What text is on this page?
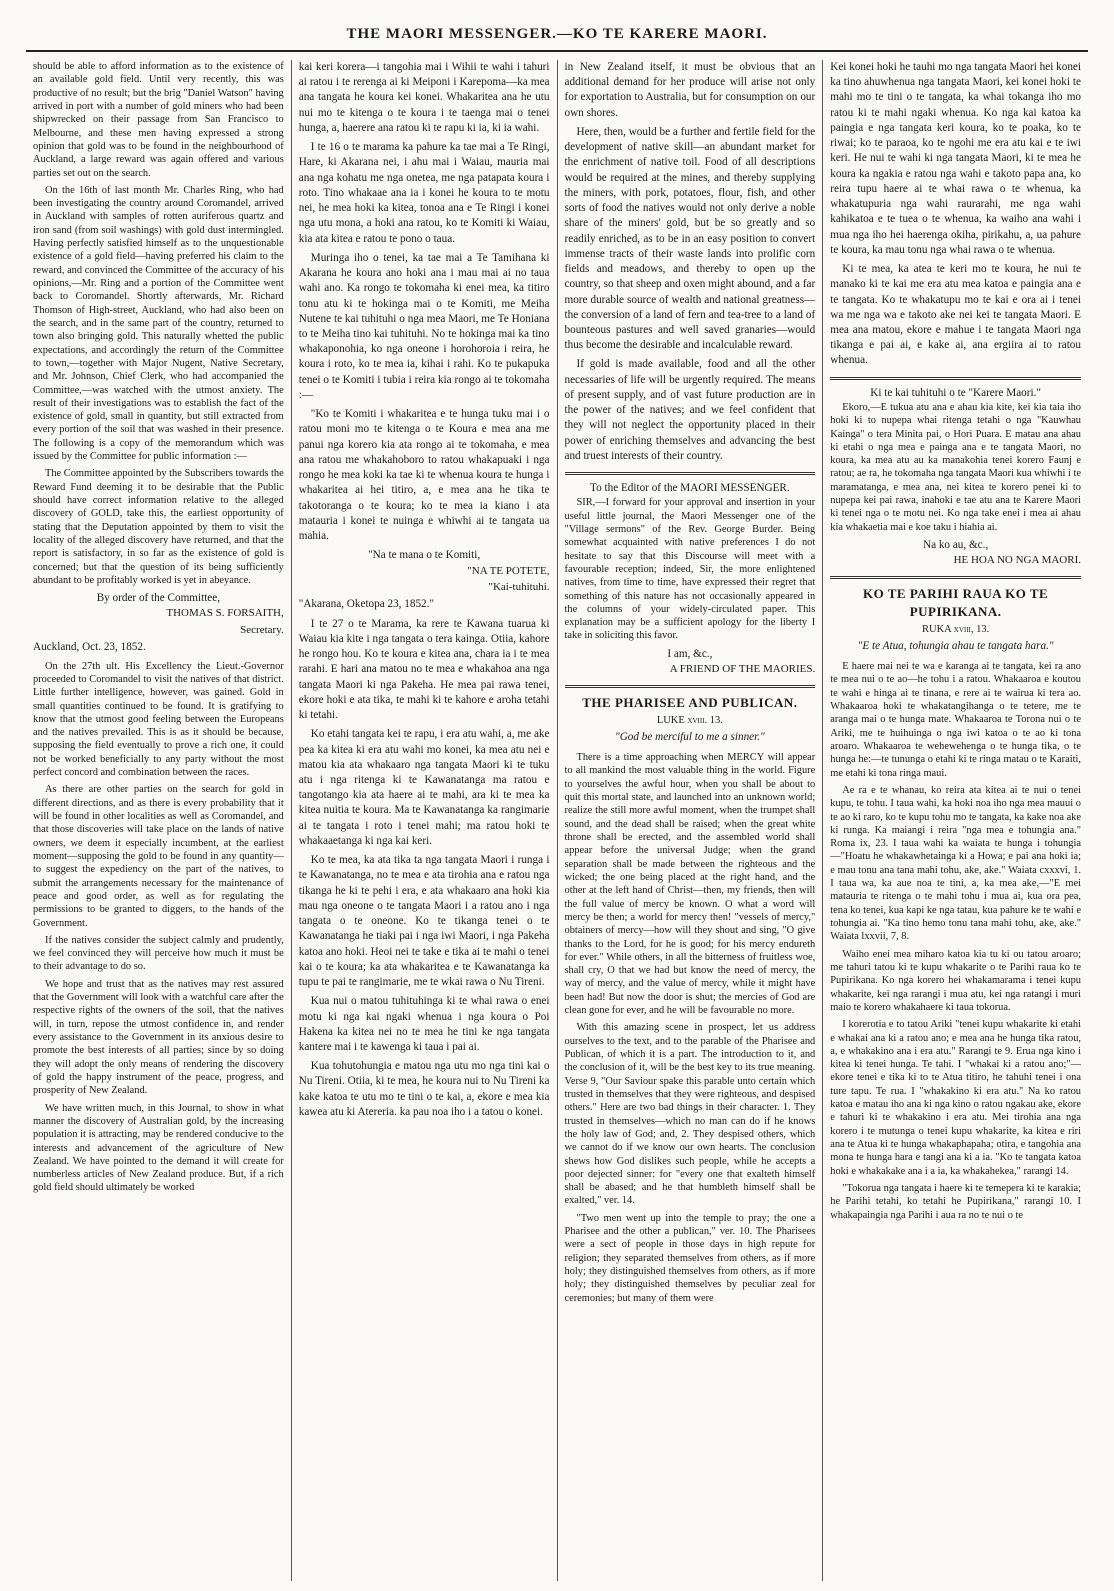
THE MAORI MESSENGER.—KO TE KARERE MAORI.

should be able to afford information as to the existence of an available gold field. Until very recently, this was productive of no result; but the brig "Daniel Watson" having arrived in port with a number of gold miners who had been shipwrecked on their passage from San Francisco to Melbourne, and these men having expressed a strong opinion that gold was to be found in the neighbourhood of Auckland, a large reward was again offered and various parties set out on the search.

On the 16th of last month Mr. Charles Ring, who had been investigating the country around Coromandel, arrived in Auckland with samples of rotten auriferous quartz and iron sand (from soil washings) with gold dust intermingled. Having perfectly satisfied himself as to the unquestionable existence of a gold field—having preferred his claim to the reward, and convinced the Committee of the accuracy of his opinions,—Mr. Ring and a portion of the Committee went back to Coromandel. Shortly afterwards, Mr. Richard Thomson of High-street, Auckland, who had also been on the search, and in the same part of the country, returned to town also bringing gold. This naturally whetted the public expectations, and accordingly the return of the Committee to town,—together with Major Nugent, Native Secretary, and Mr. Johnson, Chief Clerk, who had accompanied the Committee,—was watched with the utmost anxiety. The result of their investigations was to establish the fact of the existence of gold, small in quantity, but still extracted from every portion of the soil that was washed in their presence. The following is a copy of the memorandum which was issued by the Committee for public information :—

The Committee appointed by the Subscribers towards the Reward Fund deeming it to be desirable that the Public should have correct information relative to the alleged discovery of GOLD, take this, the earliest opportunity of stating that the Deputation appointed by them to visit the locality of the alleged discovery have returned, and that the report is satisfactory, in so far as the existence of gold is concerned; but that the question of its being sufficiently abundant to be profitably worked is yet in abeyance.

By order of the Committee,
THOMAS S. FORSAITH,
Secretary.
Auckland, Oct. 23, 1852.

On the 27th ult. His Excellency the Lieut.-Governor proceeded to Coromandel to visit the natives of that district. Little further intelligence, however, was gained. Gold in small quantities continued to be found. It is gratifying to know that the utmost good feeling between the Europeans and the natives prevailed. This is as it should be because, supposing the field eventually to prove a rich one, it could not be worked beneficially to any party without the most perfect concord and combination between the races.

As there are other parties on the search for gold in different directions, and as there is every probability that it will be found in other localities as well as Coromandel, and that those discoveries will take place on the lands of native owners, we deem it especially incumbent, at the earliest moment—supposing the gold to be found in any quantity—to suggest the expediency on the part of the natives, to submit the arrangements necessary for the maintenance of peace and good order, as well as for regulating the permissions to be granted to diggers, to the hands of the Government.

If the natives consider the subject calmly and prudently, we feel convinced they will perceive how much it must be to their advantage to do so.

We hope and trust that as the natives may rest assured that the Government will look with a watchful care after the respective rights of the owners of the soil, that the natives will, in turn, repose the utmost confidence in, and render every assistance to the Government in its anxious desire to promote the best interests of all parties; since by so doing they will adopt the only means of rendering the discovery of gold the happy instrument of the peace, progress, and prosperity of New Zealand.

We have written much, in this Journal, to show in what manner the discovery of Australian gold, by the increasing population it is attracting, may be rendered conducive to the interests and advancement of the agriculture of New Zealand. We have pointed to the demand it will create for numberless articles of New Zealand produce. But, if a rich gold field should ultimately be worked

kai keri korera—i tangohia mai i Wihii te wahi i tahuri ai ratou i te rerenga ai ki Meiponi i Karepoma—ka mea ana tangata he koura kei konei. Whakaritea ana he utu nui mo te kitenga o te koura i te taenga mai o tenei hunga, a, haerere ana ratou ki te rapu ki ia, ki ia wahi.

I te 16 o te marama ka pahure ka tae mai a Te Ringi, Hare, ki Akarana nei, i ahu mai i Waiau, mauria mai ana nga kohatu me nga onetea, me nga patapata koura i roto. Tino whakaae ana ia i konei he koura to te motu nei, he mea hoki ka kitea, tonoa ana e Te Ringi i konei nga utu mona, a hoki ana ratou, ko te Komiti ki Waiau, kia ata kitea e ratou te pono o taua.

Muringa iho o tenei, ka tae mai a Te Tamihana ki Akarana he koura ano hoki ana i mau mai ai no taua wahi ano. Ka rongo te tokomaha ki enei mea, ka titiro tonu atu ki te hokinga mai o te Komiti, me Meiha Nutene te kai tuhituhi o nga mea Maori, me Te Honiana to te Meiha tino kai tuhituhi. No te hokinga mai ka tino whakaponohia, ko nga oneone i horohoroia i reira, he koura i roto, ko te mea ia, kihai i rahi. Ko te pukapuka tenei o te Komiti i tubia i reira kia rongo ai te tokomaha :—

"Ko te Komiti i whakaritea e te hunga tuku mai i o ratou moni mo te kitenga o te Koura e mea ana me panui nga korero kia ata rongo ai te tokomaha, e mea ana ratou me whakahoboro to ratou whakapuaki i nga rongo he mea koki ka tae ki te whenua koura te hunga i whakaritea ai hei titiro, a, e mea ana he tika te takotoranga o te koura; ko te mea ia kiano i ata matauria i konei te nuinga e whiwhi ai te tangata ua mahia.

"Na te mana o te Komiti,
"NA TE POTETE,
"Kai-tuhituhi.
"Akarana, Oketopa 23, 1852."

I te 27 o te Marama, ka rere te Kawana tuarua ki Waiau kia kite i nga tangata o tera kainga. Otiia, kahore he rongo hou. Ko te koura e kitea ana, chara ia i te mea rarahi. E hari ana matou no te mea e whakahoa ana nga tangata Maori ki nga Pakeha. He mea pai rawa tenei, ekore hoki e ata tika, te mahi ki te kahore e aroha tetahi ki tetahi.

Ko etahi tangata kei te rapu, i era atu wahi, a, me ake pea ka kitea ki era atu wahi mo konei, ka mea atu nei e matou kia ata whakaaro nga tangata Maori ki te tuku atu i nga ritenga ki te Kawanatanga ma ratou e tangotango kia ata haere ai te mahi, ara ki te mea ka kitea nuitia te koura. Ma te Kawanatanga ka rangimarie ai te tangata i roto i tenei mahi; ma ratou hoki te whakaaetanga ki nga kai keri.

Ko te mea, ka ata tika ta nga tangata Maori i runga i te Kawanatanga, no te mea e ata tirohia ana e ratou nga tikanga he ki te pehi i era, e ata whakaaro ana hoki kia mau nga oneone o te tangata Maori i a ratou ano i nga tangata o te oneone. Ko te tikanga tenei o te Kawanatanga he tiaki pai i nga iwi Maori, i nga Pakeha katoa ano hoki. Heoi nei te take e tika ai te mahi o tenei kai o te koura; ka ata whakaritea e te Kawanatanga ka tupu te pai te rangimarie, me te wkai rawa o Nu Tireni.

Kua nui o matou tuhituhinga ki te whai rawa o enei motu ki nga kai ngaki whenua i nga koura o Poi Hakena ka kitea nei no te mea he tini ke nga tangata kantere mai i te kawenga ki taua i pai ai.

Kua tohutohungia e matou nga utu mo nga tini kai o Nu Tireni. Otiia, ki te mea, he koura nui to Nu Tireni ka kake katoa te utu mo te tini o te kai, a, ekore e mea kia kawea atu ki Atereria. ka pau noa iho i a tatou o konei.

in New Zealand itself, it must be obvious that an additional demand for her produce will arise not only for exportation to Australia, but for consumption on our own shores.

Here, then, would be a further and fertile field for the development of native skill—an abundant market for the enrichment of native toil. Food of all descriptions would be required at the mines, and thereby supplying the miners, with pork, potatoes, flour, fish, and other sorts of food the natives would not only derive a noble share of the miners' gold, but be so greatly and so readily enriched, as to be in an easy position to convert immense tracts of their waste lands into prolific corn fields and meadows, and thereby to open up the country, so that sheep and oxen might abound, and a far more durable source of wealth and national greatness—the conversion of a land of fern and tea-tree to a land of bounteous pastures and well saved granaries—would thus become the desirable and incalculable reward.

If gold is made available, food and all the other necessaries of life will be urgently required. The means of present supply, and of vast future production are in the power of the natives; and we feel confident that they will not neglect the opportunity placed in their power of enriching themselves and advancing the best and truest interests of their country.

To the Editor of the MAORI MESSENGER.

SIR,—I forward for your approval and insertion in your useful little journal, the Maori Messenger one of the "Village sermons" of the Rev. George Burder. Being somewhat acquainted with native preferences I do not hesitate to say that this Discourse will meet with a favourable reception; indeed, Sir, the more enlightened natives, from time to time, have expressed their regret that something of this nature has not occasionally appeared in the columns of your widely-circulated paper. This explanation may be a sufficient apology for the liberty I take in soliciting this favor.

I am, &c.,
A FRIEND OF THE MAORIES.
THE PHARISEE AND PUBLICAN.
LUKE xviii. 13.
"God be merciful to me a sinner."

There is a time approaching when MERCY will appear to all mankind the most valuable thing in the world. Figure to yourselves the awful hour, when you shall be about to quit this mortal state, and launched into an unknown world; realize the still more awful moment, when the trumpet shall sound, and the dead shall be raised; when the great white throne shall be erected, and the assembled world shall appear before the universal Judge; when the grand separation shall be made between the righteous and the wicked; the one being placed at the right hand, and the other at the left hand of Christ—then, my friends, then will the full value of mercy be known. O what a word will mercy be then; a world for mercy then! "vessels of mercy," obtainers of mercy—how will they shout and sing, "O give thanks to the Lord, for he is good; for his mercy endureth for ever." While others, in all the bitterness of fruitless woe, shall cry, O that we had but know the need of mercy, the way of mercy, and the value of mercy, while it might have been had! But now the door is shut; the mercies of God are clean gone for ever, and he will be favourable no more.

With this amazing scene in prospect, let us address ourselves to the text, and to the parable of the Pharisee and Publican, of which it is a part. The introduction to it, and the conclusion of it, will be the best key to its true meaning. Verse 9, "Our Saviour spake this parable unto certain which trusted in themselves that they were righteous, and despised others." Here are two bad things in their character. 1. They trusted in themselves—which no man can do if he knows the holy law of God; and, 2. They despised others, which we cannot do if we know our own hearts. The conclusion shews how God dislikes such people, while he accepts a poor dejected sinner: for "every one that exalteth himself shall be abased; and he that humbleth himself shall be exalted," ver. 14.

"Two men went up into the temple to pray; the one a Pharisee and the other a publican," ver. 10. The Pharisees were a sect of people in those days in high repute for religion; they separated themselves from others, as if more holy; they distinguished themselves from others, as if more holy; they distinguished themselves by peculiar zeal for ceremonies; but many of them were

Kei konei hoki he tauhi mo nga tangata Maori hei konei ka tino ahuwhenua nga tangata Maori, kei konei hoki te mahi mo te tini o te tangata, ka whai tokanga iho mo ratou ki te mahi ngaki whenua. Ko nga kai katoa ka paingia e nga tangata keri koura, ko te poaka, ko te riwai; ko te paraoa, ko te ngohi me era atu kai e te iwi keri. He nui te wahi ki nga tangata Maori, ki te mea he koura ka ngakia e ratou nga wahi e takoto papa ana, ko reira tupu haere ai te whai rawa o te whenua, ka whakatupuria nga wahi raurarahi, me nga wahi kahikatoa e te tuea o te whenua, ka waiho ana wahi i mua nga iho hei haerenga okiha, pirikahu, a, ua pahure te koura, ka mau tonu nga whai rawa o te whenua.

Ki te mea, ka atea te keri mo te koura, he nui te manako ki te kai me era atu mea katoa e paingia ana e te tangata. Ko te whakatupu mo te kai e ora ai i tenei wa me nga wa e takoto ake nei kei te tangata Maori. E mea ana matou, ekore e mahue i te tangata Maori nga tikanga e pai ai, e kake ai, ana ergiira ai to ratou whenua.

Ki te kai tuhituhi o te "Karere Maori."

Ekoro,—E tukua atu ana e ahau kia kite, kei kia taia iho hoki ki to nupepa whai ritenga tetahi o nga "Kauwhau Kainga" o tera Minita pai, o Hori Puara. E matau ana ahau ki etahi o nga mea e painga ana e te tangata Maori, no koura, ka mea atu au ka manakohia tenei korero Faunj e ratou; ae ra, he tokomaha nga tangata Maori kua whiwhi i te maramatanga, e mea ana, nei kitea te korero penei ki to nupepa kei pai rawa, inahoki e tae atu ana te Karere Maori ki tenei nga o te motu nei. Ko nga take enei i mea ai ahau kia whakaetia mai e koe taku i hiahia ai.

Na ko au, &c.,
HE HOA NO NGA MAORI.
KO TE PARIHI RAUA KO TE PUPIRIKANA.
RUKA xviii, 13.
"E te Atua, tohungia ahau te tangata hara."

E haere mai nei te wa e karanga ai te tangata, kei ra ano te mea nui o te ao—he tohu i a ratou. Whakaaroa e koutou te wahi e hinga ai te tinana, e rere ai te wairua ki tera ao. Whakaaroa hoki te whakatangihanga o te tetere, me te aranga mai o te hunga mate. Whakaaroa te Torona nui o te Ariki, me te huihuinga o nga iwi katoa o te ao ki tona aroaro. Whakaaroa te wehewehenga o te hunga tika, o te hunga he:—te tununga o etahi ki te ringa matau o te Karaiti, me etahi ki tona ringa maui.

Ae ra e te whanau, ko reira ata kitea ai te nui o tenei kupu, te tohu. I taua wahi, ka hoki noa iho nga mea mauui o te ao ki raro, ko te kupu tohu mo te tangata, ka kake noa ake ki runga. Ka maiangi i reira "nga mea e tohungia ana." Roma ix, 23. I taua wahi ka waiata te hunga i tohungia—"Hoatu he whakawhetainga ki a Howa; e pai ana hoki ia; e mau tonu ana tana mahi tohu, ake, ake." Waiata cxxxvi, 1. I taua wa, ka aue noa te tini, a, ka mea ake,—"E mei matauria te ritenga o te mahi tohu i mua ai, kua ora pea, tena ko tenei, kua kapi ke nga tatau, kua pahure ke te wahi e tohungia ai. "Ka tino hemo tonu tana mahi tohu, ake, ake." Waiata lxxvii, 7, 8.

Waiho enei mea miharo katoa kia tu ki ou tatou aroaro; me tahuri tatou ki te kupu whakarite o te Parihi raua ko te Pupirikana. Ko nga korero hei whakamarama i tenei kupu whakarite, kei nga rarangi i mua atu, kei nga ratangi i muri maio te korero whakahaere ki taua tokorua.

I korerotia e to tatou Ariki "tenei kupu whakarite ki etahi e whakai ana ki a ratou ano; e mea ana he hunga tika ratou, a, e whakakino ana i era atu." Rarangi te 9. Erua nga kino i kitea ki tenei hunga. Te tahi. I "whakai ki a ratou ano;"—ekore tenei e tika ki to te Atua titiro, he tahuhi tenei i ona ture tapu. Te rua. I "whakakino ki era atu." Na ko ratou katoa e matau iho ana ki nga kino o ratou ngakau ake, ekore e tahuri ki te whakakino i era atu. Mei tirohia ana nga korero i te mutunga o tenei kupu whakarite, ka kitea e riri ana te Atua ki te hunga whakaphapaha; otira, e tangohia ana mona te hunga hara e tangi ana ki a ia. "Ko te tangata katoa hoki e whakakake ana i a ia, ka whakahekea," rarangi 14.

"Tokorua nga tangata i haere ki te temepera ki te karakia; he Parihi tetahi, ko tetahi he Pupirikana," rarangi 10. I whakapaingia nga Parihi i aua ra no te nui o te
